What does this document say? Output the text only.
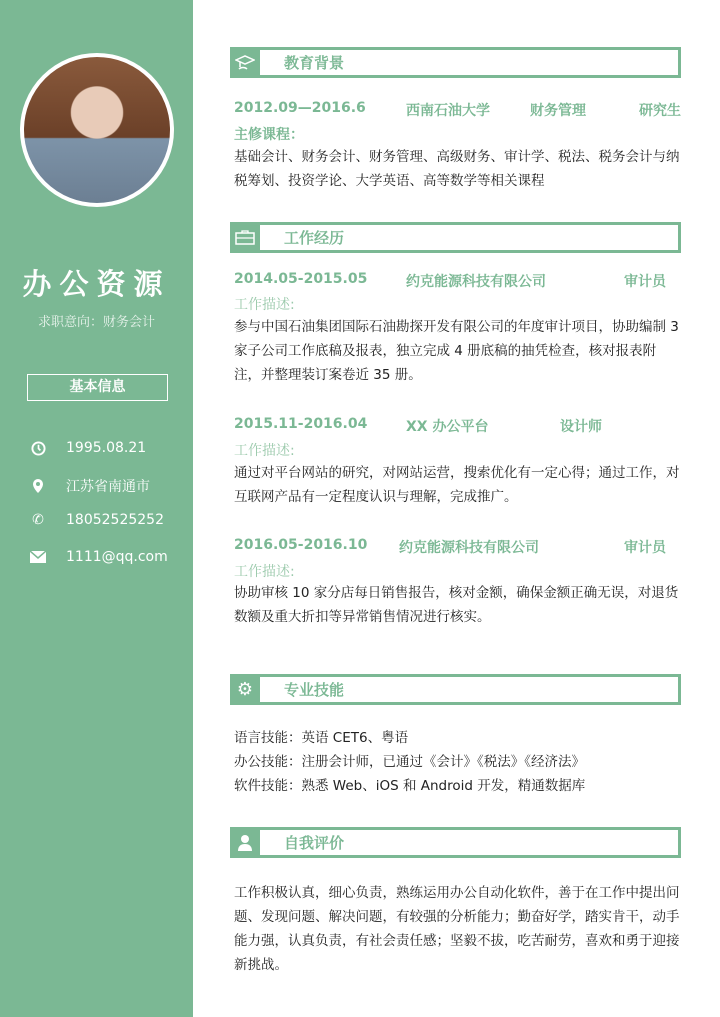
办公资源
求职意向：财务会计
基本信息
1995.08.21
江苏省南通市
✆ 18052525252
1111@qq.com
教育背景
2012.09—2016.6	西南石油大学	财务管理	研究生
主修课程：
基础会计、财务会计、财务管理、高级财务、审计学、税法、税务会计与纳税筹划、投资学论、大学英语、高等数学等相关课程
工作经历
2014.05-2015.05	约克能源科技有限公司	审计员
工作描述:
参与中国石油集团国际石油勘探开发有限公司的年度审计项目，协助编制 3 家子公司工作底稿及报表，独立完成 4 册底稿的抽凭检查，核对报表附注，并整理装订案卷近 35 册。
2015.11-2016.04	XX 办公平台	设计师
工作描述:
通过对平台网站的研究，对网站运营，搜索优化有一定心得；通过工作，对互联网产品有一定程度认识与理解，完成推广。
2016.05-2016.10 约克能源科技有限公司	审计员
工作描述:
协助审核 10 家分店每日销售报告，核对金额，确保金额正确无误，对退货数额及重大折扣等异常销售情况进行核实。
⚙	专业技能
语言技能：英语 CET6、粤语
办公技能：注册会计师，已通过《会计》《税法》《经济法》
软件技能：熟悉 Web、iOS 和 Android 开发，精通数据库
自我评价
工作积极认真，细心负责，熟练运用办公自动化软件，善于在工作中提出问题、发现问题、解决问题，有较强的分析能力；勤奋好学，踏实肯干，动手能力强，认真负责，有社会责任感；坚毅不拔，吃苦耐劳，喜欢和勇于迎接新挑战。
